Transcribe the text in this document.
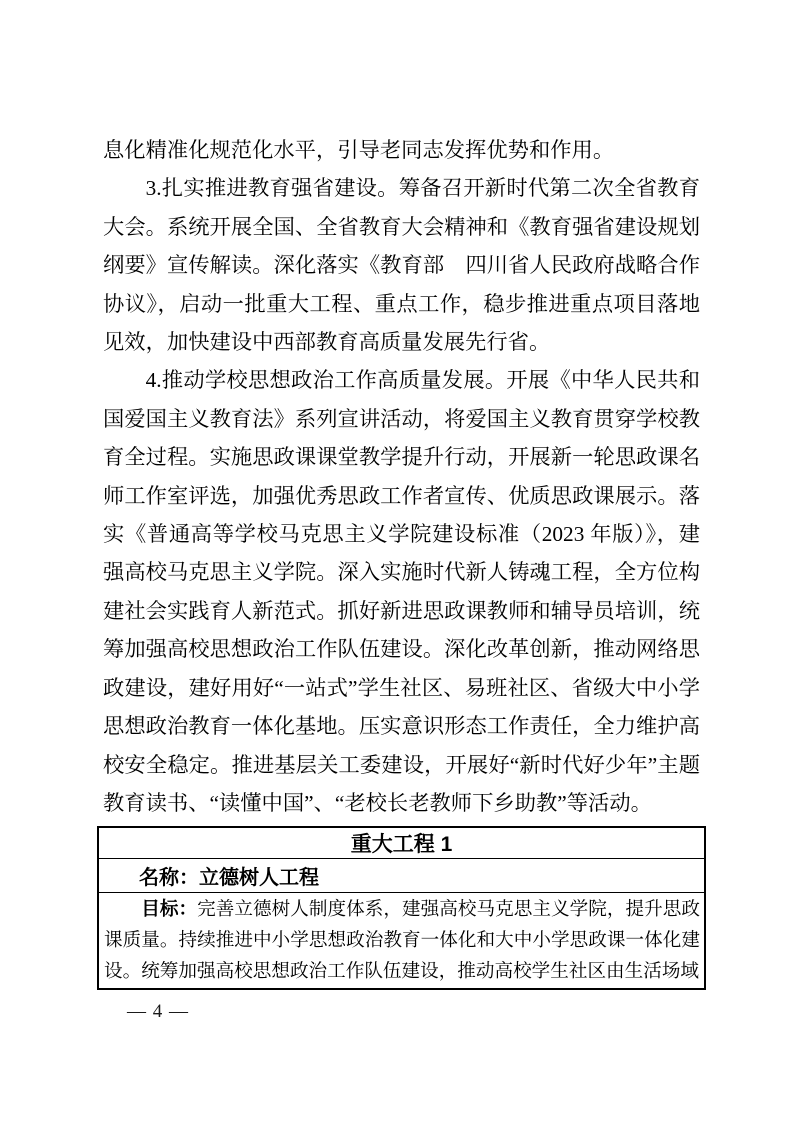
息化精准化规范化水平，引导老同志发挥优势和作用。

3.扎实推进教育强省建设。筹备召开新时代第二次全省教育大会。系统开展全国、全省教育大会精神和《教育强省建设规划纲要》宣传解读。深化落实《教育部　四川省人民政府战略合作协议》，启动一批重大工程、重点工作，稳步推进重点项目落地见效，加快建设中西部教育高质量发展先行省。

4.推动学校思想政治工作高质量发展。开展《中华人民共和国爱国主义教育法》系列宣讲活动，将爱国主义教育贯穿学校教育全过程。实施思政课课堂教学提升行动，开展新一轮思政课名师工作室评选，加强优秀思政工作者宣传、优质思政课展示。落实《普通高等学校马克思主义学院建设标准（2023 年版）》，建强高校马克思主义学院。深入实施时代新人铸魂工程，全方位构建社会实践育人新范式。抓好新进思政课教师和辅导员培训，统筹加强高校思想政治工作队伍建设。深化改革创新，推动网络思政建设，建好用好“一站式”学生社区、易班社区、省级大中小学思想政治教育一体化基地。压实意识形态工作责任，全力维护高校安全稳定。推进基层关工委建设，开展好“新时代好少年”主题教育读书、“读懂中国”、“老校长老教师下乡助教”等活动。

重大工程 1
名称：立德树人工程
目标：完善立德树人制度体系，建强高校马克思主义学院，提升思政课质量。持续推进中小学思想政治教育一体化和大中小学思政课一体化建设。统筹加强高校思想政治工作队伍建设，推动高校学生社区由生活场域
— 4 —
